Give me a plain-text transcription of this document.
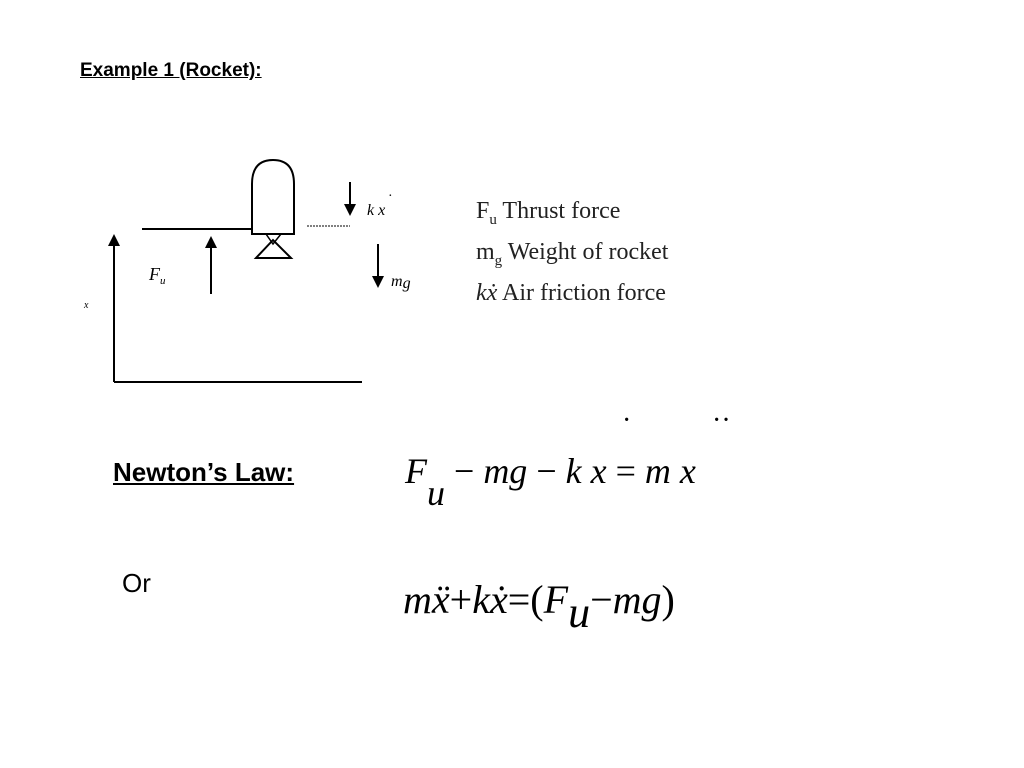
Example 1 (Rocket):
$F_u$
k x
·
mg
x
$F_u$ Thrust force
$m_g$ Weight of rocket
kẋ Air friction force
Newton’s Law:
·	··
Fu − mg − k x = m x
Or	mẍ+kẋ=(Fu−mg)
